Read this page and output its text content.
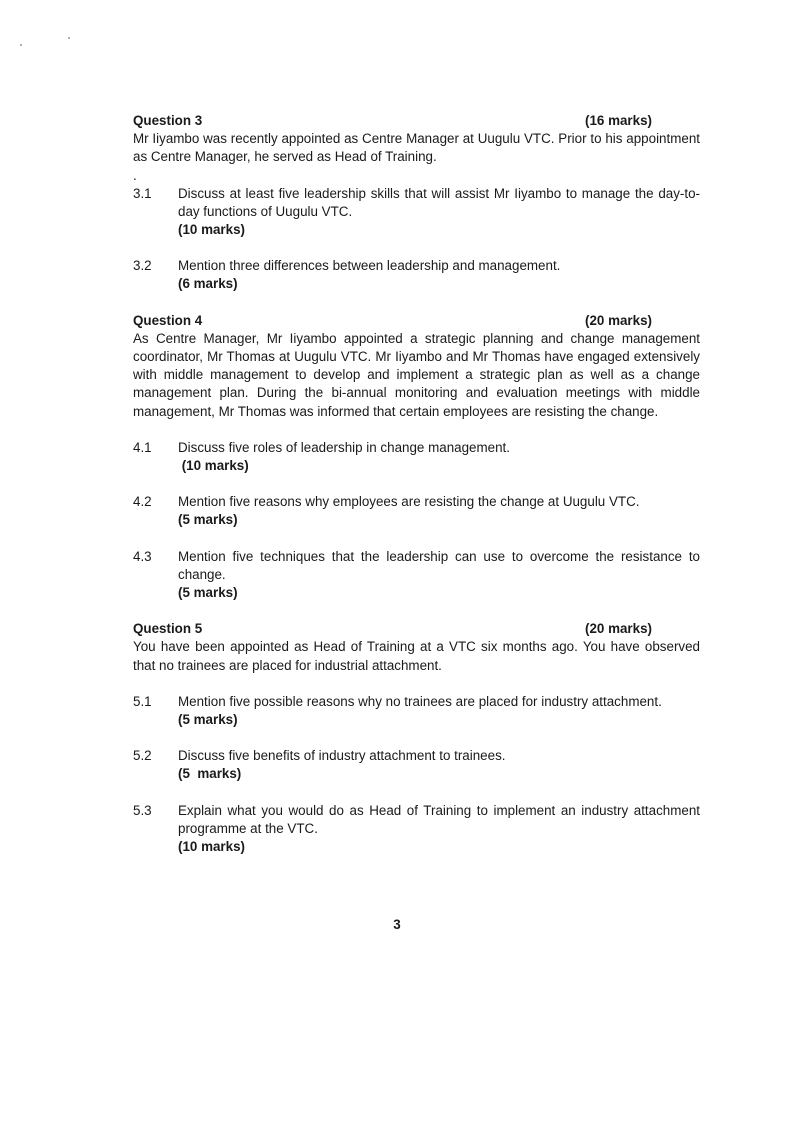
Question 3	(16 marks)
Mr Iiyambo was recently appointed as Centre Manager at Uugulu VTC. Prior to his appointment as Centre Manager, he served as Head of Training.
.
3.1	Discuss at least five leadership skills that will assist Mr Iiyambo to manage the day-to-day functions of Uugulu VTC.
(10 marks)
3.2	Mention three differences between leadership and management.
(6 marks)
Question 4	(20 marks)
As Centre Manager, Mr Iiyambo appointed a strategic planning and change management coordinator, Mr Thomas at Uugulu VTC. Mr Iiyambo and Mr Thomas have engaged extensively with middle management to develop and implement a strategic plan as well as a change management plan. During the bi-annual monitoring and evaluation meetings with middle management, Mr Thomas was informed that certain employees are resisting the change.
4.1	Discuss five roles of leadership in change management.
(10 marks)
4.2	Mention five reasons why employees are resisting the change at Uugulu VTC.
(5 marks)
4.3	Mention five techniques that the leadership can use to overcome the resistance to change.
(5 marks)
Question 5	(20 marks)
You have been appointed as Head of Training at a VTC six months ago. You have observed that no trainees are placed for industrial attachment.
5.1	Mention five possible reasons why no trainees are placed for industry attachment.
(5 marks)
5.2	Discuss five benefits of industry attachment to trainees.
(5  marks)
5.3	Explain what you would do as Head of Training to implement an industry attachment programme at the VTC.
(10 marks)
3
